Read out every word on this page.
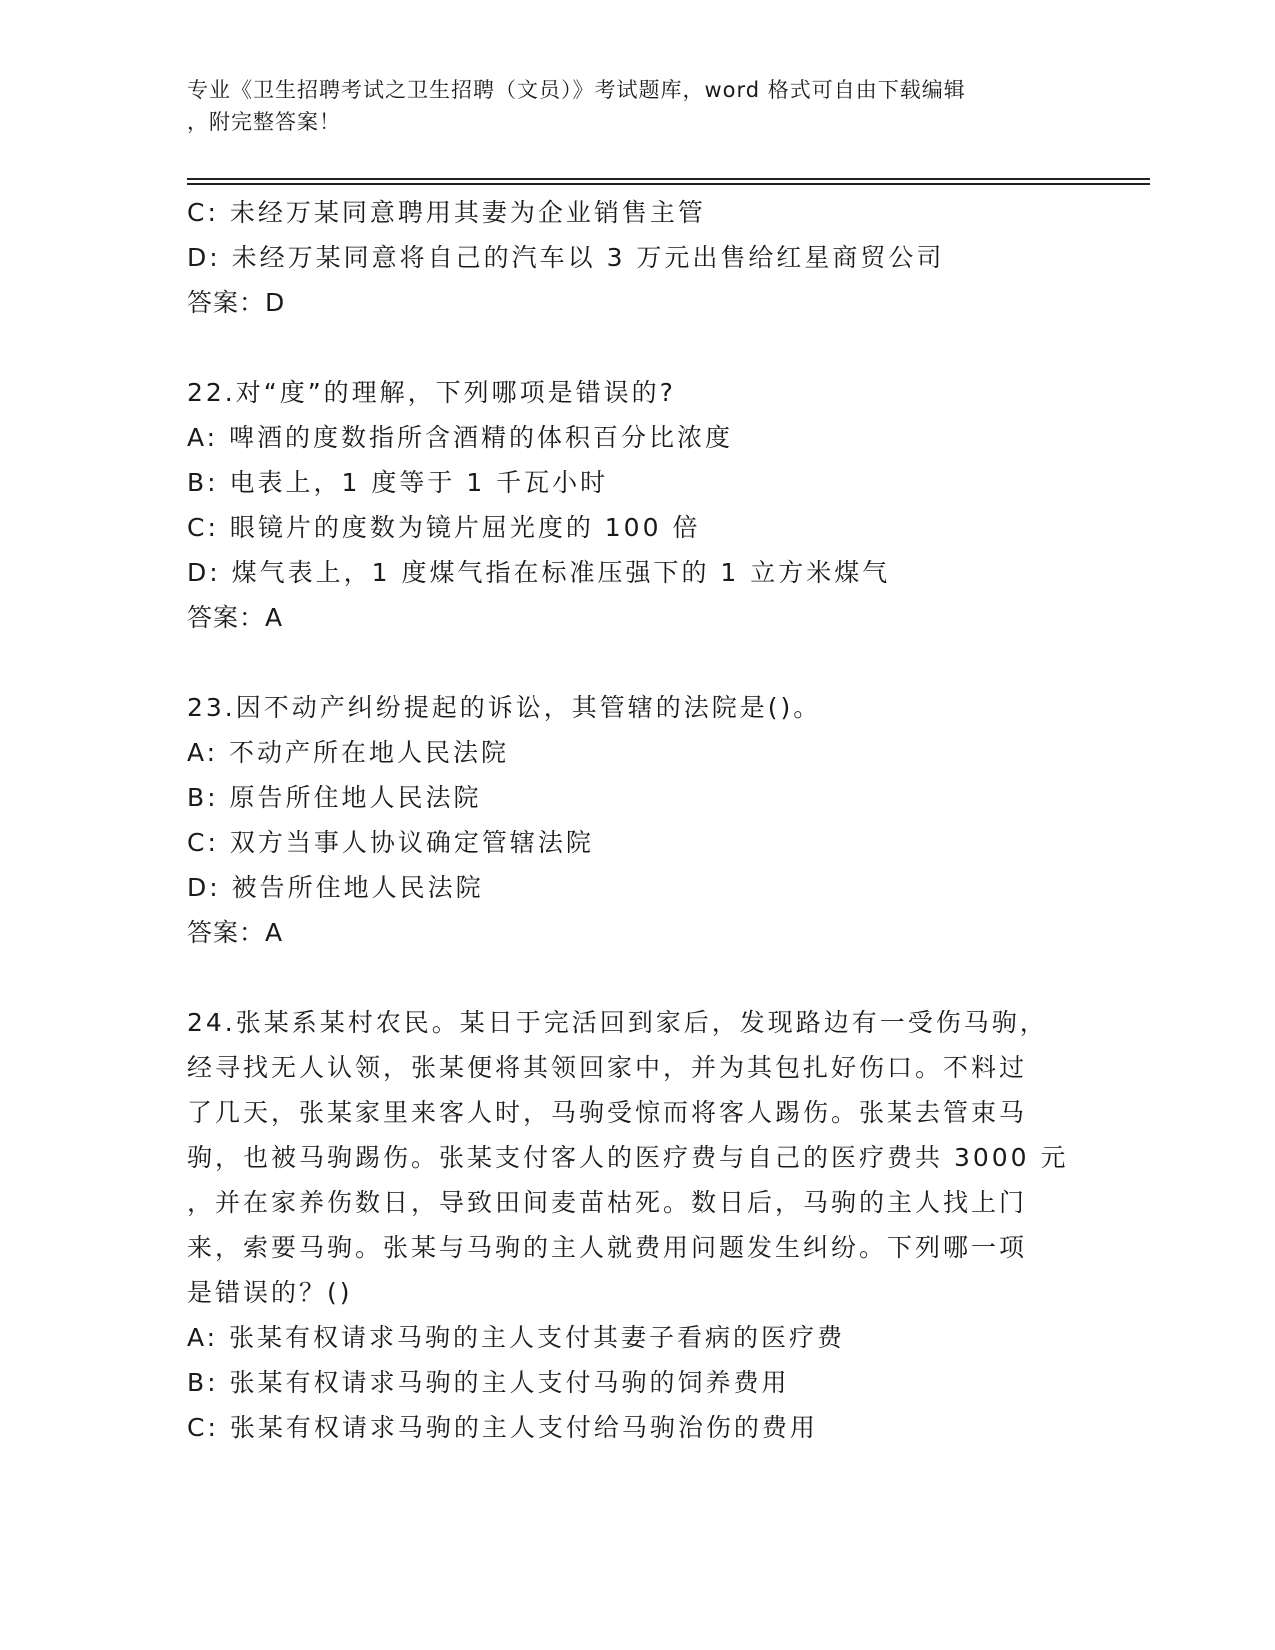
专业《卫生招聘考试之卫生招聘（文员）》考试题库，word 格式可自由下载编辑
，附完整答案！
C: 未经万某同意聘用其妻为企业销售主管
D: 未经万某同意将自己的汽车以 3 万元出售给红星商贸公司
答案：D
22.对“度”的理解，下列哪项是错误的?
A: 啤酒的度数指所含酒精的体积百分比浓度
B: 电表上，1 度等于 1 千瓦小时
C: 眼镜片的度数为镜片屈光度的 100 倍
D: 煤气表上，1 度煤气指在标准压强下的 1 立方米煤气
答案：A
23.因不动产纠纷提起的诉讼，其管辖的法院是()。
A: 不动产所在地人民法院
B: 原告所住地人民法院
C: 双方当事人协议确定管辖法院
D: 被告所住地人民法院
答案：A
24.张某系某村农民。某日于完活回到家后，发现路边有一受伤马驹，
经寻找无人认领，张某便将其领回家中，并为其包扎好伤口。不料过
了几天，张某家里来客人时，马驹受惊而将客人踢伤。张某去管束马
驹，也被马驹踢伤。张某支付客人的医疗费与自己的医疗费共 3000 元
，并在家养伤数日，导致田间麦苗枯死。数日后，马驹的主人找上门
来，索要马驹。张某与马驹的主人就费用问题发生纠纷。下列哪一项
是错误的？()
A: 张某有权请求马驹的主人支付其妻子看病的医疗费
B: 张某有权请求马驹的主人支付马驹的饲养费用
C: 张某有权请求马驹的主人支付给马驹治伤的费用
